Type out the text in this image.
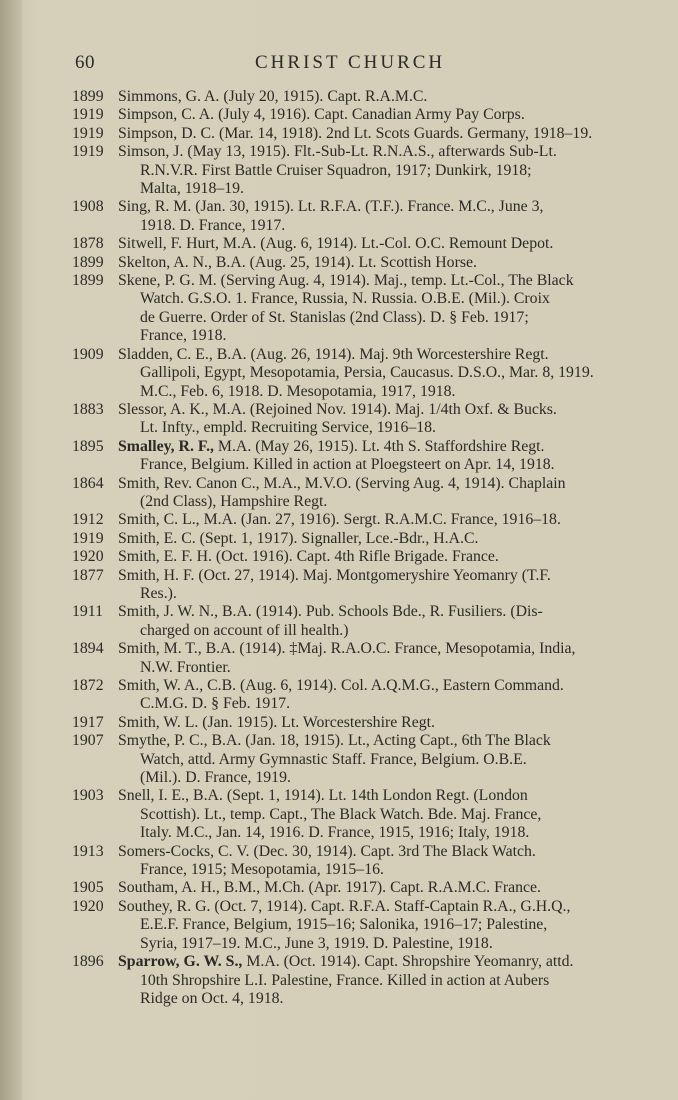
60	CHRIST CHURCH
1899 Simmons, G. A. (July 20, 1915). Capt. R.A.M.C.
1919 Simpson, C. A. (July 4, 1916). Capt. Canadian Army Pay Corps.
1919 Simpson, D. C. (Mar. 14, 1918). 2nd Lt. Scots Guards. Germany, 1918–19.
1919 Simson, J. (May 13, 1915). Flt.-Sub-Lt. R.N.A.S., afterwards Sub-Lt.
R.N.V.R. First Battle Cruiser Squadron, 1917; Dunkirk, 1918;
Malta, 1918–19.
1908 Sing, R. M. (Jan. 30, 1915). Lt. R.F.A. (T.F.). France. M.C., June 3,
1918. D. France, 1917.
1878 Sitwell, F. Hurt, M.A. (Aug. 6, 1914). Lt.-Col. O.C. Remount Depot.
1899 Skelton, A. N., B.A. (Aug. 25, 1914). Lt. Scottish Horse.
1899 Skene, P. G. M. (Serving Aug. 4, 1914). Maj., temp. Lt.-Col., The Black
Watch. G.S.O. 1. France, Russia, N. Russia. O.B.E. (Mil.). Croix
de Guerre. Order of St. Stanislas (2nd Class). D. § Feb. 1917;
France, 1918.
1909 Sladden, C. E., B.A. (Aug. 26, 1914). Maj. 9th Worcestershire Regt.
Gallipoli, Egypt, Mesopotamia, Persia, Caucasus. D.S.O., Mar. 8, 1919.
M.C., Feb. 6, 1918. D. Mesopotamia, 1917, 1918.
1883 Slessor, A. K., M.A. (Rejoined Nov. 1914). Maj. 1/4th Oxf. & Bucks.
Lt. Infty., empld. Recruiting Service, 1916–18.
1895 Smalley, R. F., M.A. (May 26, 1915). Lt. 4th S. Staffordshire Regt.
France, Belgium. Killed in action at Ploegsteert on Apr. 14, 1918.
1864 Smith, Rev. Canon C., M.A., M.V.O. (Serving Aug. 4, 1914). Chaplain
(2nd Class), Hampshire Regt.
1912 Smith, C. L., M.A. (Jan. 27, 1916). Sergt. R.A.M.C. France, 1916–18.
1919 Smith, E. C. (Sept. 1, 1917). Signaller, Lce.-Bdr., H.A.C.
1920 Smith, E. F. H. (Oct. 1916). Capt. 4th Rifle Brigade. France.
1877 Smith, H. F. (Oct. 27, 1914). Maj. Montgomeryshire Yeomanry (T.F.
Res.).
1911 Smith, J. W. N., B.A. (1914). Pub. Schools Bde., R. Fusiliers. (Dis-
charged on account of ill health.)
1894 Smith, M. T., B.A. (1914). ‡Maj. R.A.O.C. France, Mesopotamia, India,
N.W. Frontier.
1872 Smith, W. A., C.B. (Aug. 6, 1914). Col. A.Q.M.G., Eastern Command.
C.M.G. D. § Feb. 1917.
1917 Smith, W. L. (Jan. 1915). Lt. Worcestershire Regt.
1907 Smythe, P. C., B.A. (Jan. 18, 1915). Lt., Acting Capt., 6th The Black
Watch, attd. Army Gymnastic Staff. France, Belgium. O.B.E.
(Mil.). D. France, 1919.
1903 Snell, I. E., B.A. (Sept. 1, 1914). Lt. 14th London Regt. (London
Scottish). Lt., temp. Capt., The Black Watch. Bde. Maj. France,
Italy. M.C., Jan. 14, 1916. D. France, 1915, 1916; Italy, 1918.
1913 Somers-Cocks, C. V. (Dec. 30, 1914). Capt. 3rd The Black Watch.
France, 1915; Mesopotamia, 1915–16.
1905 Southam, A. H., B.M., M.Ch. (Apr. 1917). Capt. R.A.M.C. France.
1920 Southey, R. G. (Oct. 7, 1914). Capt. R.F.A. Staff-Captain R.A., G.H.Q.,
E.E.F. France, Belgium, 1915–16; Salonika, 1916–17; Palestine,
Syria, 1917–19. M.C., June 3, 1919. D. Palestine, 1918.
1896 Sparrow, G. W. S., M.A. (Oct. 1914). Capt. Shropshire Yeomanry, attd.
10th Shropshire L.I. Palestine, France. Killed in action at Aubers
Ridge on Oct. 4, 1918.
